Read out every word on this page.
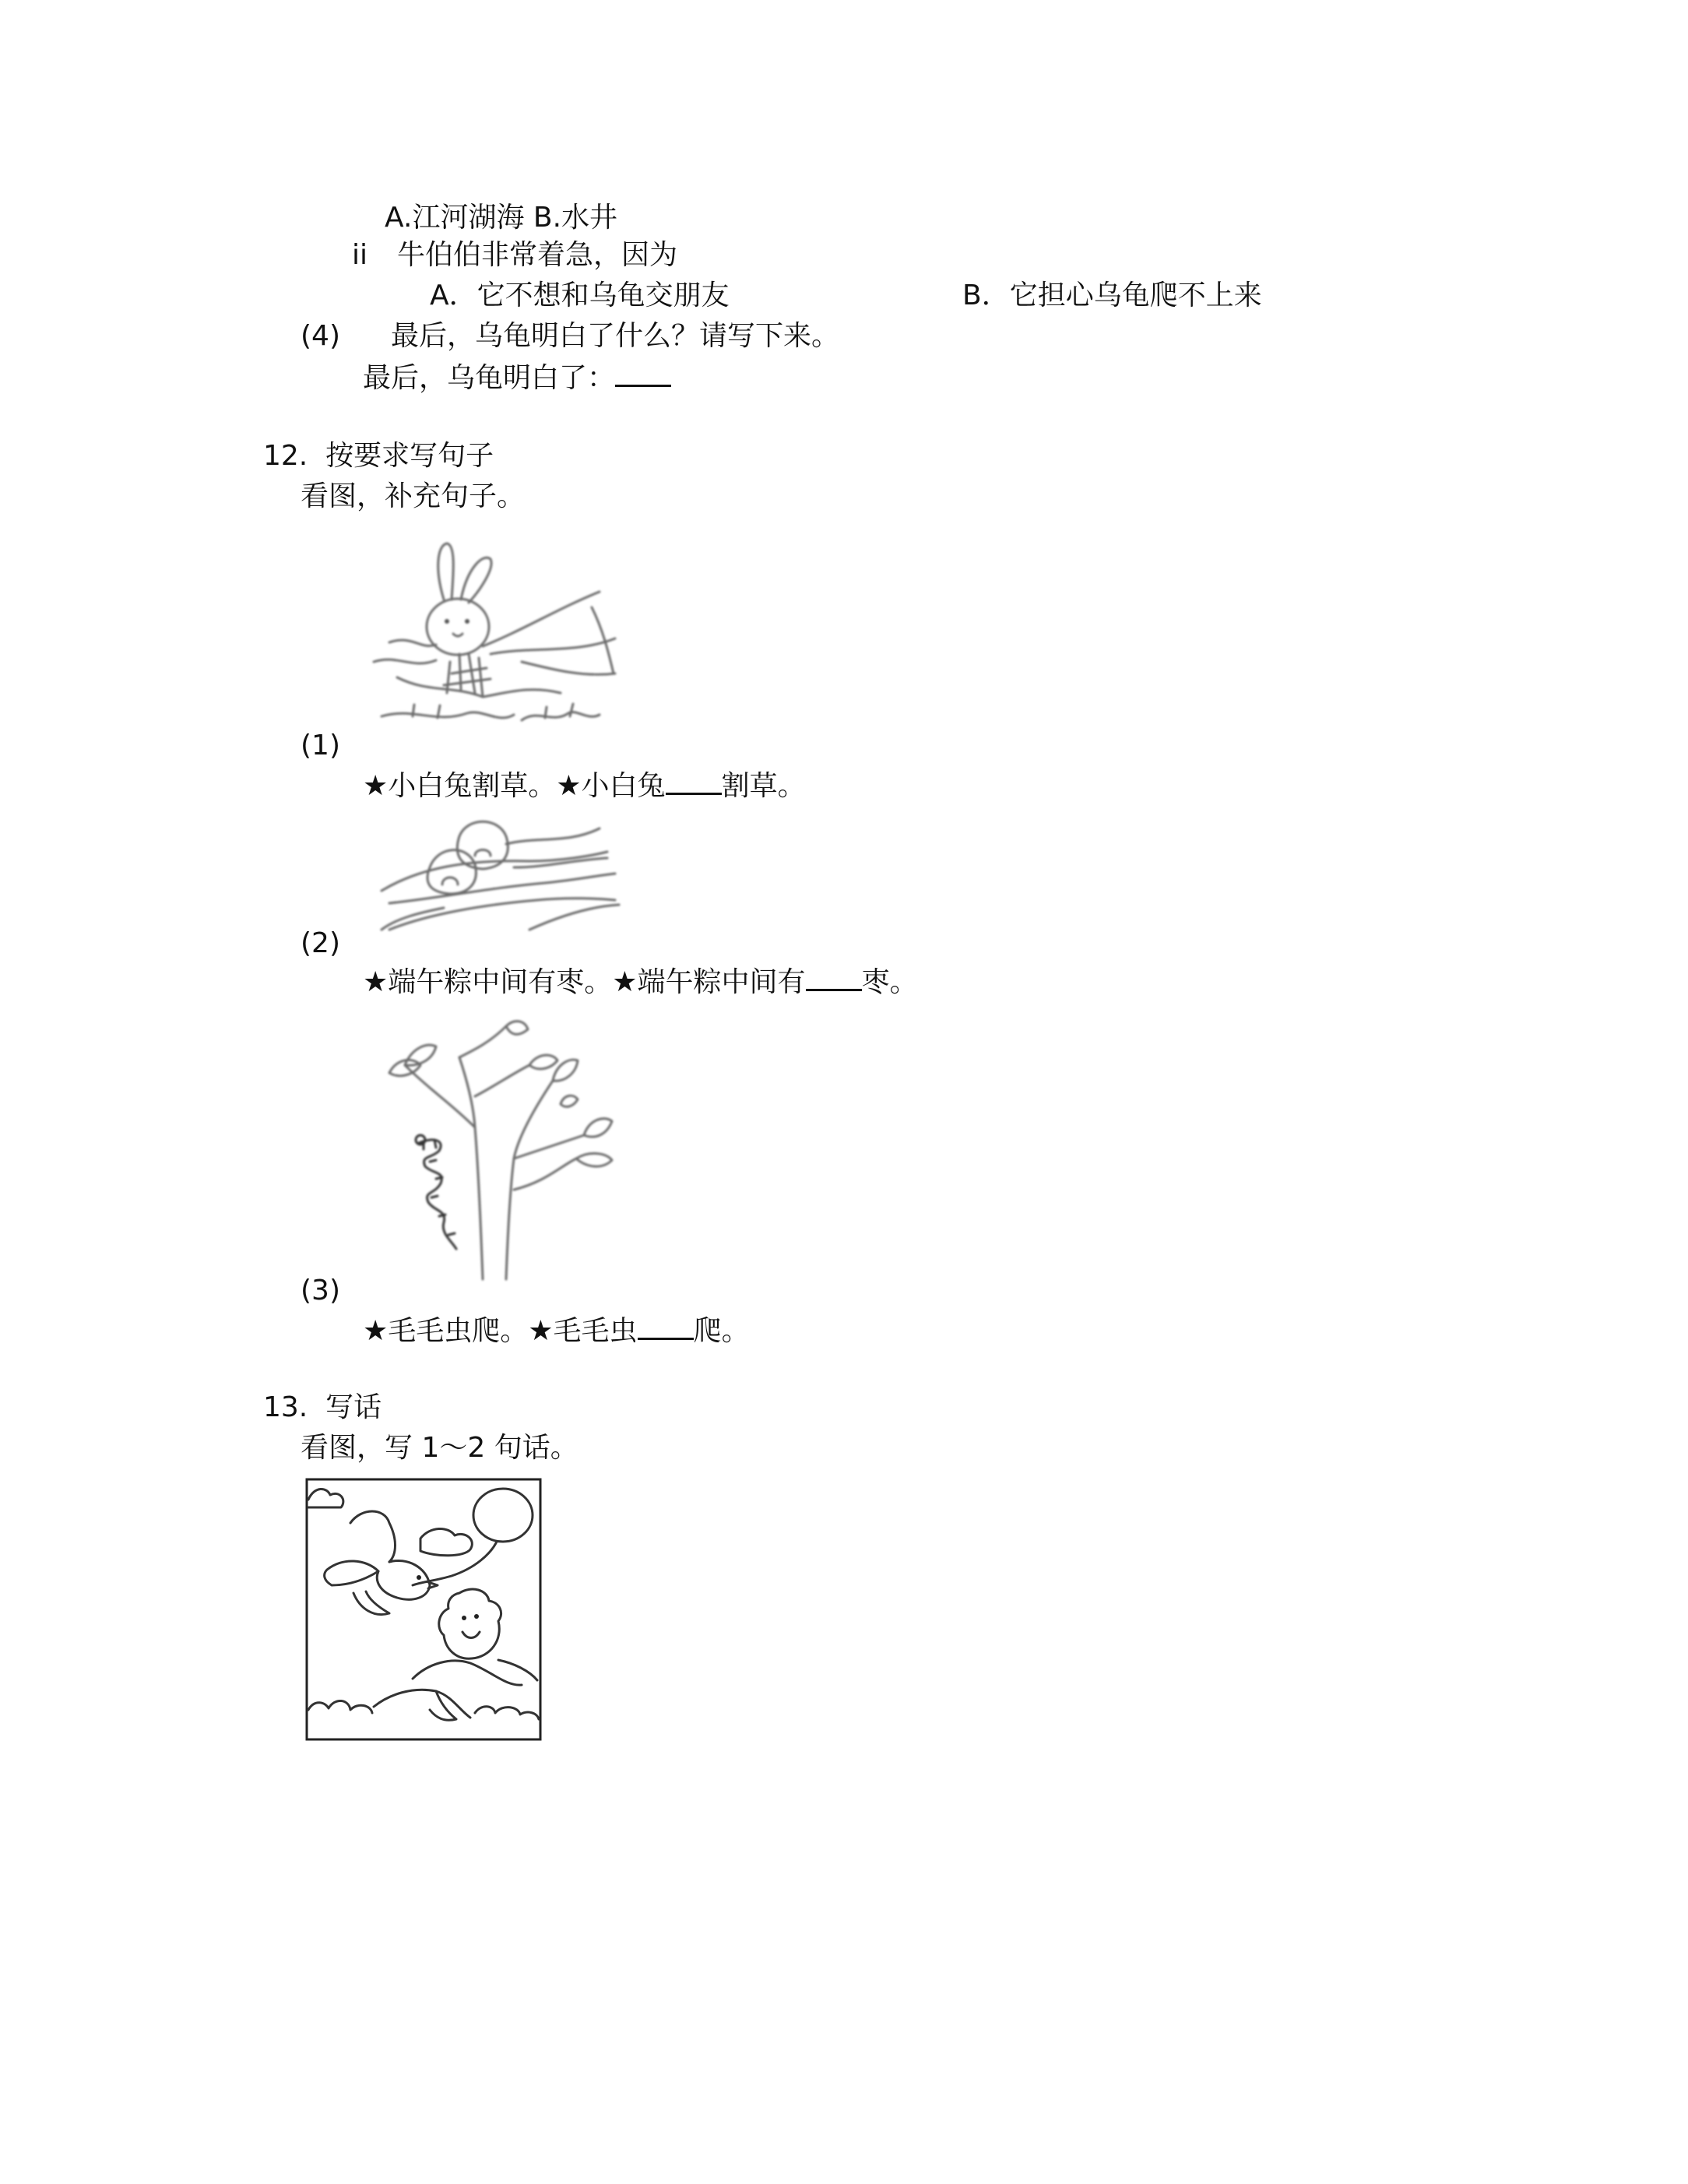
A.江河湖海 B.水井
ii 牛伯伯非常着急，因为
A．它不想和乌龟交朋友	B．它担心乌龟爬不上来
(4) 最后，乌龟明白了什么？请写下来。
最后，乌龟明白了：
12. 按要求写句子
看图，补充句子。
(1)
★小白兔割草。★小白兔 割草。
(2)
★端午粽中间有枣。★端午粽中间有 枣。
(3)
★毛毛虫爬。★毛毛虫 爬。
13. 写话
看图，写 1～2 句话。
